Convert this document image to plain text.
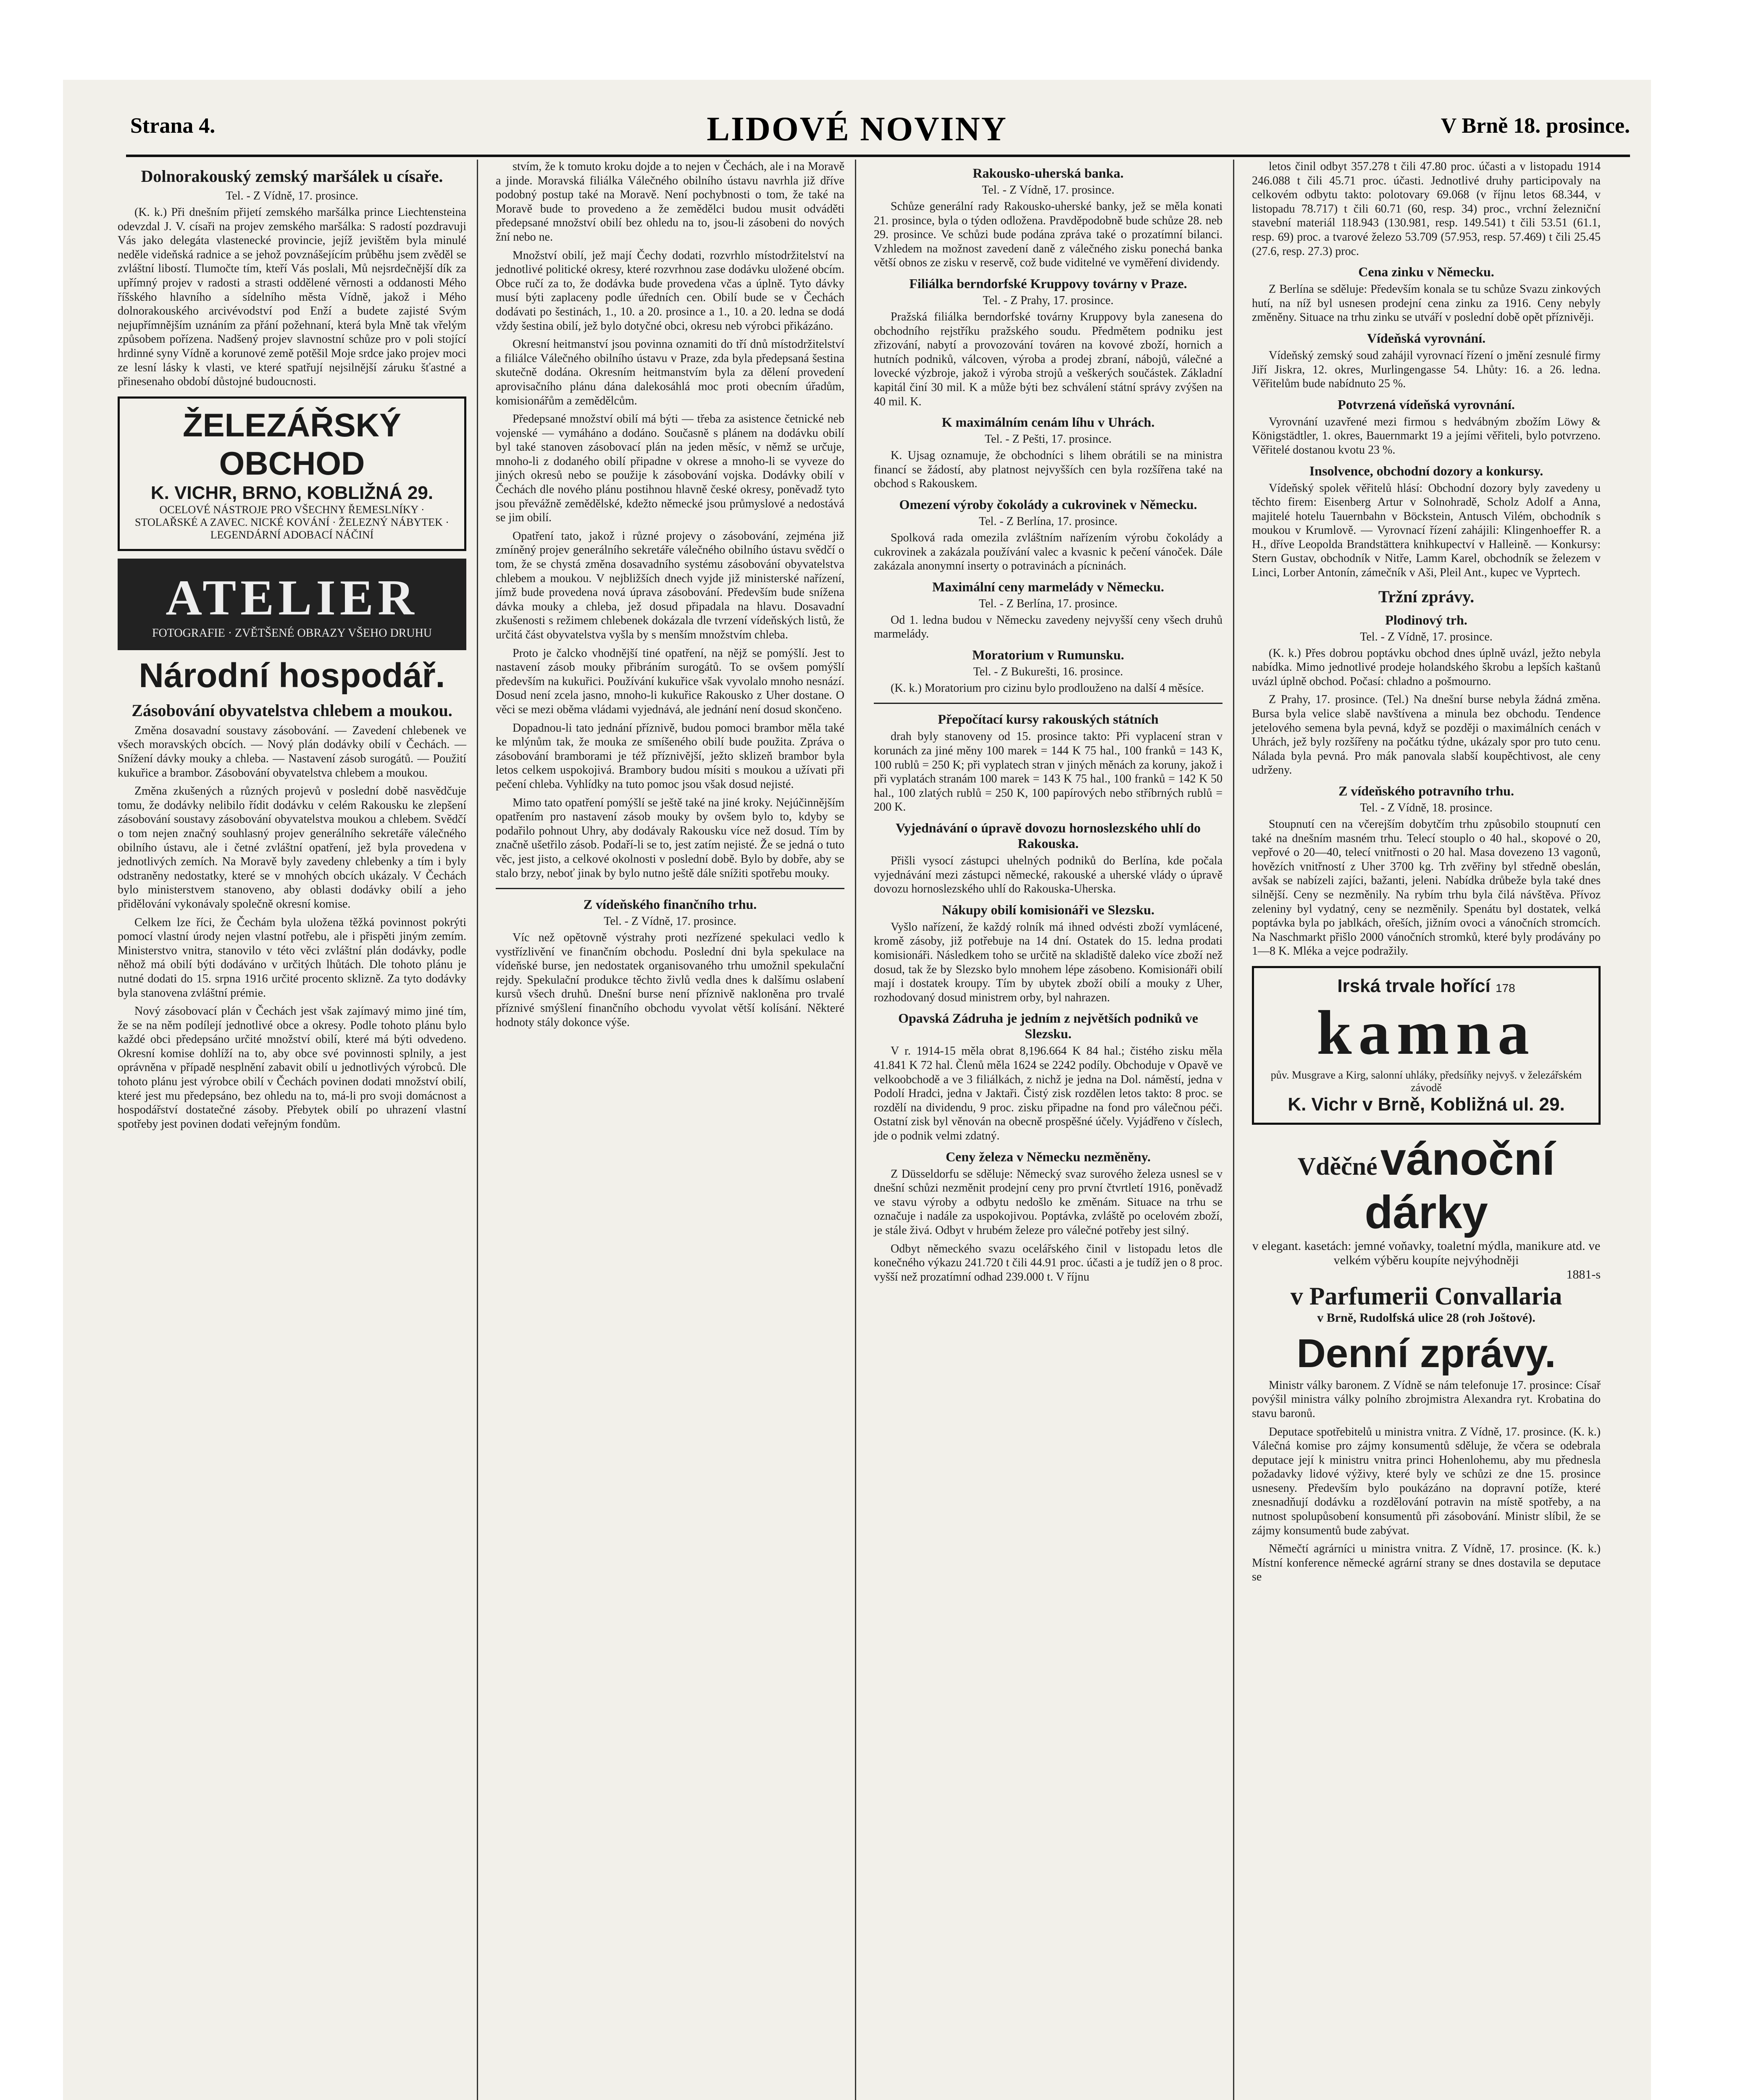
Strana 4.	LIDOVÉ NOVINY	V Brně 18. prosince.
Dolnorakouský zemský maršálek u císaře.
Tel. - Z Vídně, 17. prosince.

(K. k.) Při dnešním přijetí zemského maršálka prince Liechtensteina odevzdal J. V. císaři na projev zemského maršálka: S radostí pozdravuji Vás jako delegáta vlastenecké provincie, jejíž jevištěm byla minulé neděle videňská radnice a se jehož povznášejícím průběhu jsem zvěděl se zvláštní libostí. Tlumočte tím, kteří Vás poslali, Mů nejsrdečnější dík za upřímný projev v radosti a strasti oddělené věrnosti a oddanosti Mého říšského hlavního a sídelního města Vídně, jakož i Mého dolnorakouského arcivévodství pod Enží a budete zajisté Svým nejupřímnějším uznáním za přání požehnaní, která byla Mně tak vřelým způsobem pořízena. Nadšený projev slavnostní schůze pro v poli stojící hrdinné syny Vídně a korunové země potěšil Moje srdce jako projev moci ze lesní lásky k vlasti, ve které spatřují nejsilnější záruku šťastné a přinesenaho období důstojné budoucnosti.

ŽELEZÁŘSKÝ OBCHOD
K. VICHR, BRNO, KOBLIŽNÁ 29.
OCELOVÉ NÁSTROJE PRO VŠECHNY ŘEMESLNÍKY · STOLAŘSKÉ A ZAVEC. NICKÉ KOVÁNÍ · ŽELEZNÝ NÁBYTEK · LEGENDÁRNÍ ADOBACÍ NÁČINÍ
ATELIER
FOTOGRAFIE · ZVĚTŠENÉ OBRAZY VŠEHO DRUHU
Národní hospodář.
Zásobování obyvatelstva chlebem a moukou.

Změna dosavadní soustavy zásobování. — Zavedení chlebenek ve všech moravských obcích. — Nový plán dodávky obilí v Čechách. — Snížení dávky mouky a chleba. — Nastavení zásob surogátů. — Použití kukuřice a brambor. Zásobování obyvatelstva chlebem a moukou.

Změna zkušených a různých projevů v poslední době nasvědčuje tomu, že dodávky nelibilo řídit dodávku v celém Rakousku ke zlepšení zásobování soustavy zásobování obyvatelstva moukou a chlebem. Svědčí o tom nejen značný souhlasný projev generálního sekretáře válečného obilního ústavu, ale i četné zvláštní opatření, jež byla provedena v jednotlivých zemích. Na Moravě byly zavedeny chlebenky a tím i byly odstraněny nedostatky, které se v mnohých obcích ukázaly. V Čechách bylo ministerstvem stanoveno, aby oblasti dodávky obilí a jeho přidělování vykonávaly společně okresní komise.

Celkem lze říci, že Čechám byla uložena těžká povinnost pokrýti pomocí vlastní úrody nejen vlastní potřebu, ale i přispěti jiným zemím. Ministerstvo vnitra, stanovilo v této věci zvláštní plán dodávky, podle něhož má obilí býti dodáváno v určitých lhůtách. Dle tohoto plánu je nutné dodati do 15. srpna 1916 určité procento sklizně. Za tyto dodávky byla stanovena zvláštní prémie.

Nový zásobovací plán v Čechách jest však zajímavý mimo jiné tím, že se na něm podílejí jednotlivé obce a okresy. Podle tohoto plánu bylo každé obci předepsáno určité množství obilí, které má býti odvedeno. Okresní komise dohlíží na to, aby obce své povinnosti splnily, a jest oprávněna v případě nesplnění zabavit obilí u jednotlivých výrobců. Dle tohoto plánu jest výrobce obilí v Čechách povinen dodati množství obilí, které jest mu předepsáno, bez ohledu na to, má-li pro svoji domácnost a hospodářství dostatečné zásoby. Přebytek obilí po uhrazení vlastní spotřeby jest povinen dodati veřejným fondům.

stvím, že k tomuto kroku dojde a to nejen v Čechách, ale i na Moravě a jinde. Moravská filiálka Válečného obilního ústavu navrhla již dříve podobný postup také na Moravě. Není pochybnosti o tom, že také na Moravě bude to provedeno a že zemědělci budou musit odváděti předepsané množství obilí bez ohledu na to, jsou-li zásobeni do nových žní nebo ne.

Množství obilí, jež mají Čechy dodati, rozvrhlo místodržitelství na jednotlivé politické okresy, které rozvrhnou zase dodávku uložené obcím. Obce ručí za to, že dodávka bude provedena včas a úplně. Tyto dávky musí býti zaplaceny podle úředních cen. Obilí bude se v Čechách dodávati po šestinách, 1., 10. a 20. prosince a 1., 10. a 20. ledna se dodá vždy šestina obilí, jež bylo dotyčné obci, okresu neb výrobci přikázáno.

Okresní heitmanství jsou povinna oznamiti do tří dnů místodržitelství a filiálce Válečného obilního ústavu v Praze, zda byla předepsaná šestina skutečně dodána. Okresním heitmanstvím byla za dělení provedení aprovisačního plánu dána dalekosáhlá moc proti obecním úřadům, komisionářům a zemědělcům.

Předepsané množství obilí má býti — třeba za asistence četnické neb vojenské — vymáháno a dodáno. Současně s plánem na dodávku obilí byl také stanoven zásobovací plán na jeden měsíc, v němž se určuje, mnoho-li z dodaného obilí připadne v okrese a mnoho-li se vyveze do jiných okresů nebo se použije k zásobování vojska. Dodávky obilí v Čechách dle nového plánu postihnou hlavně české okresy, poněvadž tyto jsou převážně zemědělské, kdežto německé jsou průmyslové a nedostává se jim obilí.

Opatření tato, jakož i různé projevy o zásobování, zejména již zmíněný projev generálního sekretáře válečného obilního ústavu svědčí o tom, že se chystá změna dosavadního systému zásobování obyvatelstva chlebem a moukou. V nejbližších dnech vyjde již ministerské nařízení, jímž bude provedena nová úprava zásobování. Především bude snížena dávka mouky a chleba, jež dosud připadala na hlavu. Dosavadní zkušenosti s režimem chlebenek dokázala dle tvrzení vídeňských listů, že určitá část obyvatelstva vyšla by s menším množstvím chleba.

Proto je čalcko vhodnější tiné opatření, na nějž se pomýšlí. Jest to nastavení zásob mouky přibráním surogátů. To se ovšem pomýšlí především na kukuřici. Používání kukuřice však vyvolalo mnoho nesnází. Dosud není zcela jasno, mnoho-li kukuřice Rakousko z Uher dostane. O věci se mezi oběma vládami vyjednává, ale jednání není dosud skončeno.

Dopadnou-li tato jednání příznivě, budou pomoci brambor měla také ke mlýnům tak, že mouka ze smíšeného obilí bude použita. Zpráva o zásobování bramborami je též příznivější, ježto sklizeň brambor byla letos celkem uspokojivá. Brambory budou mísiti s moukou a užívati při pečení chleba. Vyhlídky na tuto pomoc jsou však dosud nejisté.

Mimo tato opatření pomýšlí se ještě také na jiné kroky. Nejúčinnějším opatřením pro nastavení zásob mouky by ovšem bylo to, kdyby se podařilo pohnout Uhry, aby dodávaly Rakousku více než dosud. Tím by značně ušetřilo zásob. Podaří-li se to, jest zatím nejisté. Že se jedná o tuto věc, jest jisto, a celkové okolnosti v poslední době. Bylo by dobře, aby se stalo brzy, neboť jinak by bylo nutno ještě dále snížiti spotřebu mouky.

Z vídeňského finančního trhu.
Tel. - Z Vídně, 17. prosince.

Víc než opětovně výstrahy proti nezřízené spekulaci vedlo k vystřízlivění ve finančním obchodu. Poslední dni byla spekulace na vídeňské burse, jen nedostatek organisovaného trhu umožnil spekulační rejdy. Spekulační produkce těchto živlů vedla dnes k dalšímu oslabení kursů všech druhů. Dnešní burse není příznivě nakloněna pro trvalé příznivé smýšlení finančního obchodu vyvolat větší kolísání. Některé hodnoty stály dokonce výše.

Rakousko-uherská banka.
Tel. - Z Vídně, 17. prosince.

Schůze generální rady Rakousko-uherské banky, jež se měla konati 21. prosince, byla o týden odložena. Pravděpodobně bude schůze 28. neb 29. prosince. Ve schůzi bude podána zpráva také o prozatímní bilanci. Vzhledem na možnost zavedení daně z válečného zisku ponechá banka větší obnos ze zisku v reservě, což bude viditelné ve vyměření dividendy.

Filiálka berndorfské Kruppovy továrny v Praze.
Tel. - Z Prahy, 17. prosince.

Pražská filiálka berndorfské továrny Kruppovy byla zanesena do obchodního rejstříku pražského soudu. Předmětem podniku jest zřizování, nabytí a provozování továren na kovové zboží, hornich a hutních podniků, válcoven, výroba a prodej zbraní, nábojů, válečné a lovecké výzbroje, jakož i výroba strojů a veškerých součástek. Základní kapitál činí 30 mil. K a může býti bez schválení státní správy zvýšen na 40 mil. K.

K maximálním cenám líhu v Uhrách.
Tel. - Z Pešti, 17. prosince.

K. Ujsag oznamuje, že obchodníci s lihem obrátili se na ministra financí se žádostí, aby platnost nejvyšších cen byla rozšířena také na obchod s Rakouskem.

Omezení výroby čokolády a cukrovinek v Německu.
Tel. - Z Berlína, 17. prosince.

Spolková rada omezila zvláštním nařízením výrobu čokolády a cukrovinek a zakázala používání valec a kvasnic k pečení vánoček. Dále zakázala anonymní inserty o potravinách a pícninách.

Maximální ceny marmelády v Německu.
Tel. - Z Berlína, 17. prosince.

Od 1. ledna budou v Německu zavedeny nejvyšší ceny všech druhů marmelády.

Moratorium v Rumunsku.
Tel. - Z Bukurešti, 16. prosince.

(K. k.) Moratorium pro cizinu bylo prodlouženo na další 4 měsíce.

Přepočítací kursy rakouských státních

drah byly stanoveny od 15. prosince takto: Při vyplacení stran v korunách za jiné měny 100 marek = 144 K 75 hal., 100 franků = 143 K, 100 rublů = 250 K; při vyplatech stran v jiných měnách za koruny, jakož i při vyplatách stranám 100 marek = 143 K 75 hal., 100 franků = 142 K 50 hal., 100 zlatých rublů = 250 K, 100 papírových nebo stříbrných rublů = 200 K.

Vyjednávání o úpravě dovozu hornoslezského uhlí do Rakouska.

Přišli vysocí zástupci uhelných podniků do Berlína, kde počala vyjednávání mezi zástupci německé, rakouské a uherské vlády o úpravě dovozu hornoslezského uhlí do Rakouska-Uherska.

Nákupy obilí komisionáři ve Slezsku.

Vyšlo nařízení, že každý rolník má ihned odvésti zboží vymlácené, kromě zásoby, již potřebuje na 14 dní. Ostatek do 15. ledna prodati komisionáři. Následkem toho se určitě na skladiště dalekо více zboží než dosud, tak že by Slezsko bylo mnohem lépe zásobeno. Komisionáři obilí mají i dostatek kroupy. Tím by ubytek zboží obilí a mouky z Uher, rozhodovaný dosud ministrem orby, byl nahrazen.

Opavská Zádruha je jedním z největších podniků ve Slezsku.

V r. 1914-15 měla obrat 8,196.664 K 84 hal.; čistého zisku měla 41.841 K 72 hal. Členů měla 1624 se 2242 podíly. Obchoduje v Opavě ve velkoobchodě a ve 3 filiálkách, z nichž je jedna na Dol. náměstí, jedna v Podolí Hradci, jedna v Jaktaři. Čistý zisk rozdělen letos takto: 8 proc. se rozdělí na dividendu, 9 proc. zisku připadne na fond pro válečnou péči. Ostatní zisk byl věnován na obecně prospěšné účely. Vyjádřeno v číslech, jde o podnik velmi zdatný.

Ceny železa v Německu nezměněny.

Z Düsseldorfu se sděluje: Německý svaz surového železa usnesl se v dnešní schůzi nezměnit prodejní ceny pro první čtvrtletí 1916, poněvadž ve stavu výroby a odbytu nedošlo ke změnám. Situace na trhu se označuje i nadále za uspokojivou. Poptávka, zvláště po ocelovém zboží, je stále živá. Odbyt v hrubém železe pro válečné potřeby jest silný.

Odbyt německého svazu ocelářského činil v listopadu letos dle konečného výkazu 241.720 t čili 44.91 proc. účasti a je tudíž jen o 8 proc. vyšší než prozatímní odhad 239.000 t. V říjnu

letos činil odbyt 357.278 t čili 47.80 proc. účasti a v listopadu 1914 246.088 t čili 45.71 proc. účasti. Jednotlivé druhy participovaly na celkovém odbytu takto: polotovary 69.068 (v říjnu letos 68.344, v listopadu 78.717) t čili 60.71 (60, resp. 34) proc., vrchní železniční stavební materiál 118.943 (130.981, resp. 149.541) t čili 53.51 (61.1, resp. 69) proc. a tvarové železo 53.709 (57.953, resp. 57.469) t čili 25.45 (27.6, resp. 27.3) proc.

Cena zinku v Německu.

Z Berlína se sděluje: Především konala se tu schůze Svazu zinkových hutí, na níž byl usnesen prodejní cena zinku za 1916. Ceny nebyly změněny. Situace na trhu zinku se utváří v poslední době opět příznivěji.

Vídeňská vyrovnání.

Vídeňský zemský soud zahájil vyrovnací řízení o jmění zesnulé firmy Jiří Jiskra, 12. okres, Murlingengasse 54. Lhůty: 16. a 26. ledna. Věřitelům bude nabídnuto 25 %.

Potvrzená vídeňská vyrovnání.

Vyrovnání uzavřené mezi firmou s hedvábným zbožím Löwy & Königstädtler, 1. okres, Bauernmarkt 19 a jejími věřiteli, bylo potvrzeno. Věřitelé dostanou kvotu 23 %.

Insolvence, obchodní dozory a konkursy.

Vídeňský spolek věřitelů hlásí: Obchodní dozory byly zavedeny u těchto firem: Eisenberg Artur v Solnohradě, Scholz Adolf a Anna, majitelé hotelu Tauernbahn v Böckstein, Antusch Vilém, obchodník s moukou v Krumlově. — Vyrovnací řízení zahájili: Klingenhoeffer R. a H., dříve Leopolda Brandstättera knihkupectví v Halleině. — Konkursy: Stern Gustav, obchodník v Nitře, Lamm Karel, obchodník se železem v Linci, Lorber Antonín, zámečník v Aši, Pleil Ant., kupec ve Vyprtech.

Tržní zprávy.
Plodinový trh.
Tel. - Z Vídně, 17. prosince.

(K. k.) Přes dobrou poptávku obchod dnes úplně uvázl, ježto nebyla nabídka. Mimo jednotlivé prodeje holandského škrobu a lepších kaštanů uvázl úplně obchod. Počasí: chladno a pošmourno.

Z Prahy, 17. prosince. (Tel.) Na dnešní burse nebyla žádná změna. Bursa byla velice slabě navštívena a minula bez obchodu. Tendence jetelového semena byla pevná, když se později o maximálních cenách v Uhrách, jež byly rozšířeny na počátku týdne, ukázaly spor pro tuto cenu. Nálada byla pevná. Pro mák panovala slabší koupěchtivost, ale ceny udrženy.

Z vídeňského potravního trhu.
Tel. - Z Vídně, 18. prosince.

Stoupnutí cen na včerejším dobytčím trhu způsobilo stoupnutí cen také na dnešním masném trhu. Telecí stouplo o 40 hal., skopové o 20, vepřové o 20—40, telecí vnitřnosti o 20 hal. Masa dovezeno 13 vagonů, hovězích vnitřností z Uher 3700 kg. Trh zvěřiny byl středně obeslán, avšak se nabízeli zajíci, bažanti, jeleni. Nabídka drůbeže byla také dnes silnější. Ceny se nezměnily. Na rybím trhu byla čilá návštěva. Přívoz zeleniny byl vydatný, ceny se nezměnily. Spenátu byl dostatek, velká poptávka byla po jablkách, ořeších, jižním ovoci a vánočních stromcích. Na Naschmarkt přišlo 2000 vánočních stromků, které byly prodávány po 1—8 K. Mléka a vejce podražily.

Irská trvale hořící 178
kamna
pův. Musgrave a Kirg, salonní uhláky, předsíňky nejvyš. v železářském závodě
K. Vichr v Brně, Kobližná ul. 29.
Vděčné vánoční dárky
v elegant. kasetách: jemné voňavky, toaletní mýdla, manikure atd. ve velkém výběru koupíte nejvýhodněji
1881-s
v Parfumerii Convallaria
v Brně, Rudolfská ulice 28 (roh Joštové).
Denní zprávy.

Ministr války baronem. Z Vídně se nám telefonuje 17. prosince: Císař povýšil ministra války polního zbrojmistra Alexandra ryt. Krobatina do stavu baronů.

Deputace spotřebitelů u ministra vnitra. Z Vídně, 17. prosince. (K. k.) Válečná komise pro zájmy konsumentů sděluje, že včera se odebrala deputace její k ministru vnitra princi Hohenlohemu, aby mu přednesla požadavky lidové výživy, které byly ve schůzi ze dne 15. prosince usneseny. Především bylo poukázáno na dopravní potíže, které znesnadňují dodávku a rozdělování potravin na místě spotřeby, a na nutnost spolupůsobení konsumentů při zásobování. Ministr slíbil, že se zájmy konsumentů bude zabývat.

Němečtí agrárníci u ministra vnitra. Z Vídně, 17. prosince. (K. k.) Místní konference německé agrární strany se dnes dostavila se deputace se
